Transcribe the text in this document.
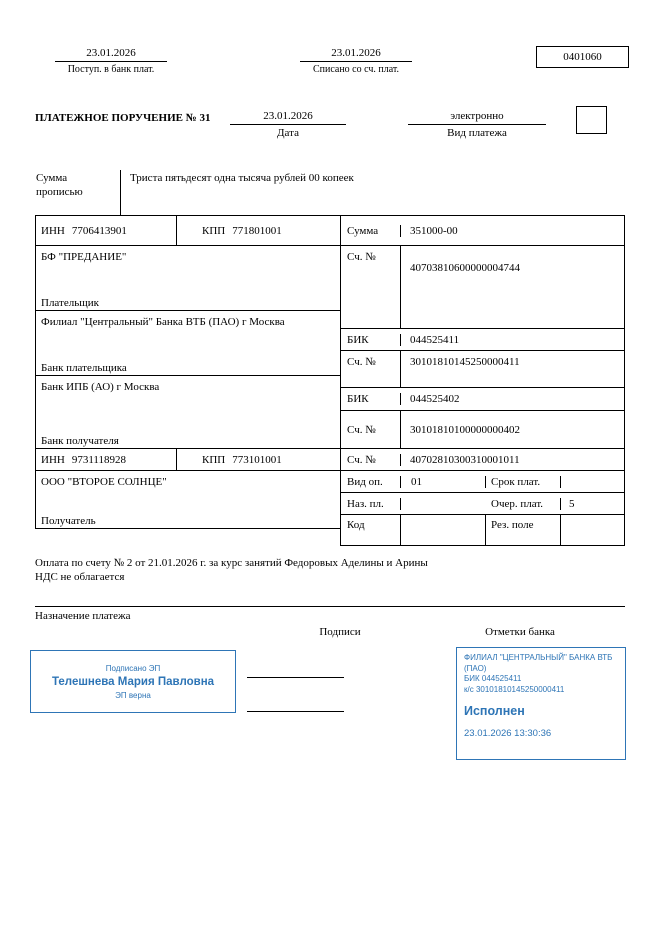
23.01.2026
Поступ. в банк плат.
23.01.2026
Списано со сч. плат.
0401060
ПЛАТЕЖНОЕ ПОРУЧЕНИЕ № 31	23.01.2026
Дата
электронно
Вид платежа
Сумма
прописью
Триста пятьдесят одна тысяча рублей 00 копеек
ИНН 7706413901	КПП 771801001
БФ "ПРЕДАНИЕ"
Плательщик
Филиал "Центральный" Банка ВТБ (ПАО) г Москва
Банк плательщика
Банк ИПБ (АО) г Москва
Банк получателя
ИНН 9731118928	КПП 773101001
ООО "ВТОРОЕ СОЛНЦЕ"
Получатель
Сумма	351000-00
Сч. №
40703810600000004744
БИК	044525411
Сч. №	30101810145250000411
БИК	044525402
Сч. №	30101810100000000402
Сч. №	40702810300310001011
Вид оп.	01	Срок плат.
Наз. пл.	Очер. плат.	5
Код	Рез. поле
Оплата по счету № 2 от 21.01.2026 г. за курс занятий Федоровых Аделины и Арины
НДС не облагается
Назначение платежа
Подписи	Отметки банка
Подписано ЭП
Телешнева Мария Павловна
ЭП верна
ФИЛИАЛ "ЦЕНТРАЛЬНЫЙ" БАНКА ВТБ (ПАО)
БИК 044525411
к/с 30101810145250000411
Исполнен
23.01.2026 13:30:36
